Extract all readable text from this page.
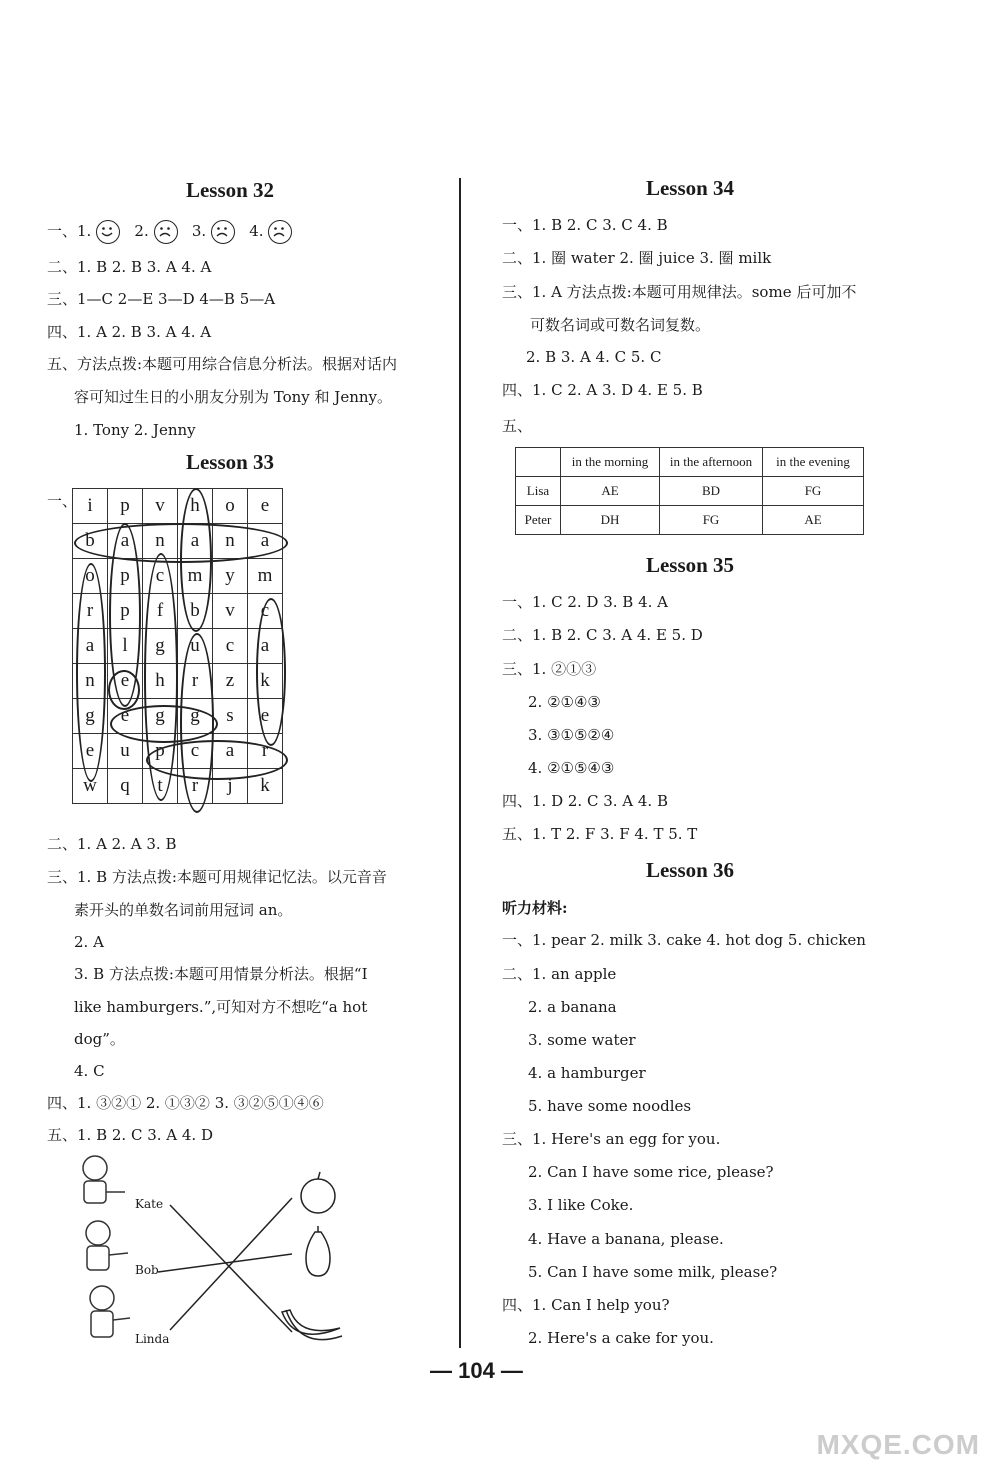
Lesson 32
一、1.	2.	3.	4.
二、1. B 2. B 3. A 4. A
三、1—C 2—E 3—D 4—B 5—A
四、1. A 2. B 3. A 4. A
五、方法点拨:本题可用综合信息分析法。根据对话内
容可知过生日的小朋友分别为 Tony 和 Jenny。
1. Tony 2. Jenny
Lesson 33
一、 i	p	v	h	o	e
b	a	n	a	n	a
o	p	c	m	y	m
r	p	f	b	v	c
a	l	g	u	c	a
n	e	h	r	z	k
g	e	g	g	s	e
e	u	p	c	a	r
w	q	t	r	j	k
二、1. A 2. A 3. B
三、1. B 方法点拨:本题可用规律记忆法。以元音音
素开头的单数名词前用冠词 an。
2. A
3. B 方法点拨:本题可用情景分析法。根据“I
like hamburgers.”,可知对方不想吃“a hot
dog”。
4. C
四、1. ③②① 2. ①③② 3. ③②⑤①④⑥
五、1. B 2. C 3. A 4. D
Kate
Bob
Linda
Lesson 34
一、1. B 2. C 3. C 4. B
二、1. 圈 water 2. 圈 juice 3. 圈 milk
三、1. A 方法点拨:本题可用规律法。some 后可加不
可数名词或可数名词复数。
2. B 3. A 4. C 5. C
四、1. C 2. A 3. D 4. E 5. B
五、
	in the morning	in the afternoon	in the evening
Lisa	AE	BD	FG
Peter	DH	FG	AE
Lesson 35
一、1. C 2. D 3. B 4. A
二、1. B 2. C 3. A 4. E 5. D
三、1. ②①③
2. ②①④③
3. ③①⑤②④
4. ②①⑤④③
四、1. D 2. C 3. A 4. B
五、1. T 2. F 3. F 4. T 5. T
Lesson 36
听力材料:
一、1. pear 2. milk 3. cake 4. hot dog 5. chicken
二、1. an apple
2. a banana
3. some water
4. a hamburger
5. have some noodles
三、1. Here's an egg for you.
2. Can I have some rice, please?
3. I like Coke.
4. Have a banana, please.
5. Can I have some milk, please?
四、1. Can I help you?
2. Here's a cake for you.
— 104 —
MXQE.COM
